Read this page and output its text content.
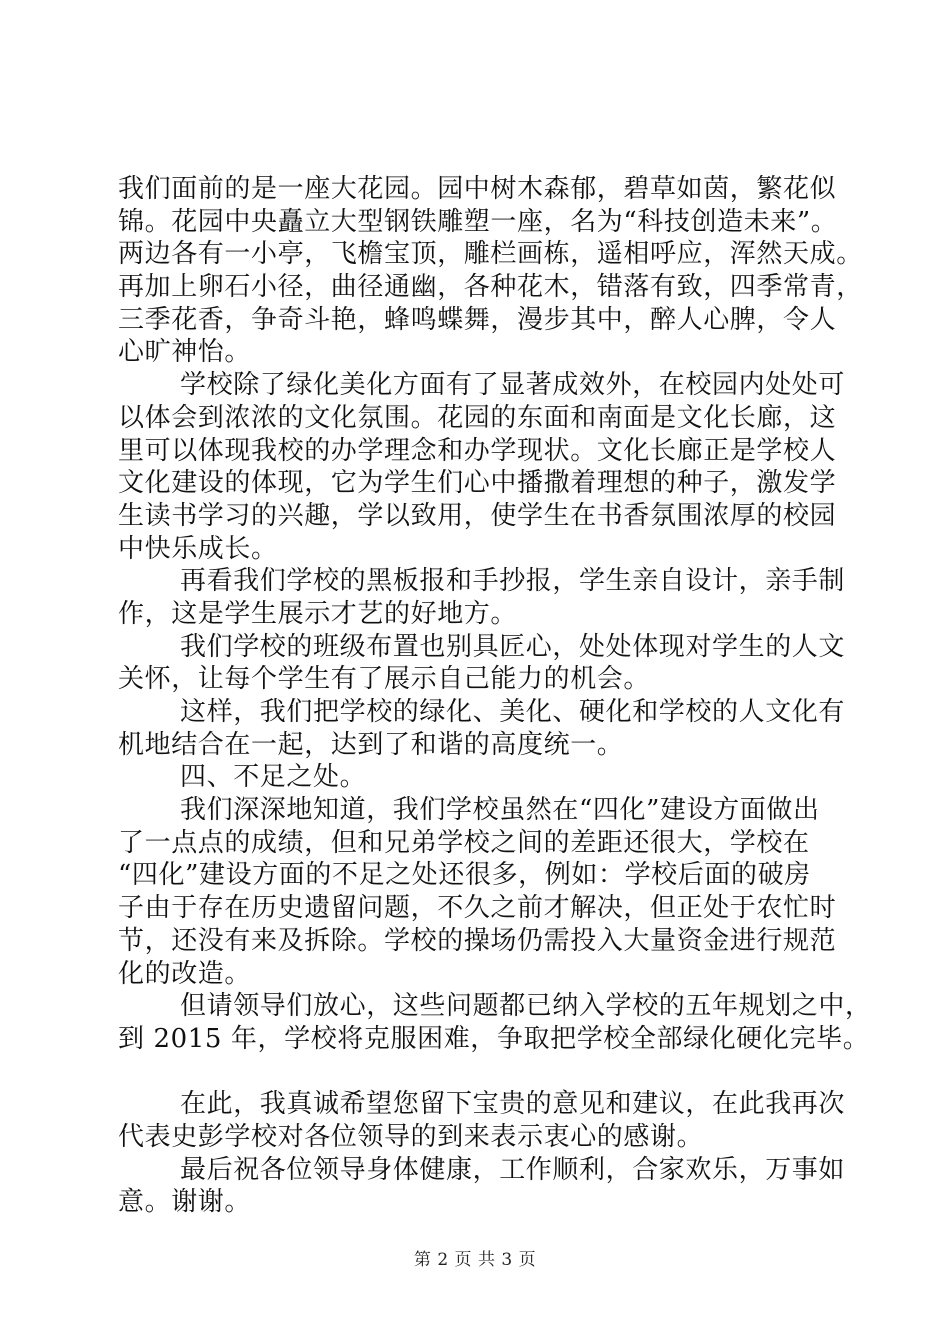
我们面前的是一座大花园。园中树木森郁，碧草如茵，繁花似
锦。花园中央矗立大型钢铁雕塑一座，名为“科技创造未来”。
两边各有一小亭，飞檐宝顶，雕栏画栋，遥相呼应，浑然天成。
再加上卵石小径，曲径通幽，各种花木，错落有致，四季常青，
三季花香，争奇斗艳，蜂鸣蝶舞，漫步其中，醉人心脾，令人
心旷神怡。
学校除了绿化美化方面有了显著成效外，在校园内处处可
以体会到浓浓的文化氛围。花园的东面和南面是文化长廊，这
里可以体现我校的办学理念和办学现状。文化长廊正是学校人
文化建设的体现，它为学生们心中播撒着理想的种子，激发学
生读书学习的兴趣，学以致用，使学生在书香氛围浓厚的校园
中快乐成长。
再看我们学校的黑板报和手抄报，学生亲自设计，亲手制
作，这是学生展示才艺的好地方。
我们学校的班级布置也别具匠心，处处体现对学生的人文
关怀，让每个学生有了展示自己能力的机会。
这样，我们把学校的绿化、美化、硬化和学校的人文化有
机地结合在一起，达到了和谐的高度统一。
四、不足之处。
我们深深地知道，我们学校虽然在“四化”建设方面做出
了一点点的成绩，但和兄弟学校之间的差距还很大，学校在
“四化”建设方面的不足之处还很多，例如：学校后面的破房
子由于存在历史遗留问题，不久之前才解决，但正处于农忙时
节，还没有来及拆除。学校的操场仍需投入大量资金进行规范
化的改造。
但请领导们放心，这些问题都已纳入学校的五年规划之中，
到 2015 年，学校将克服困难，争取把学校全部绿化硬化完毕。
在此，我真诚希望您留下宝贵的意见和建议，在此我再次
代表史彭学校对各位领导的到来表示衷心的感谢。
最后祝各位领导身体健康，工作顺利，合家欢乐，万事如
意。谢谢。
第 2 页 共 3 页
